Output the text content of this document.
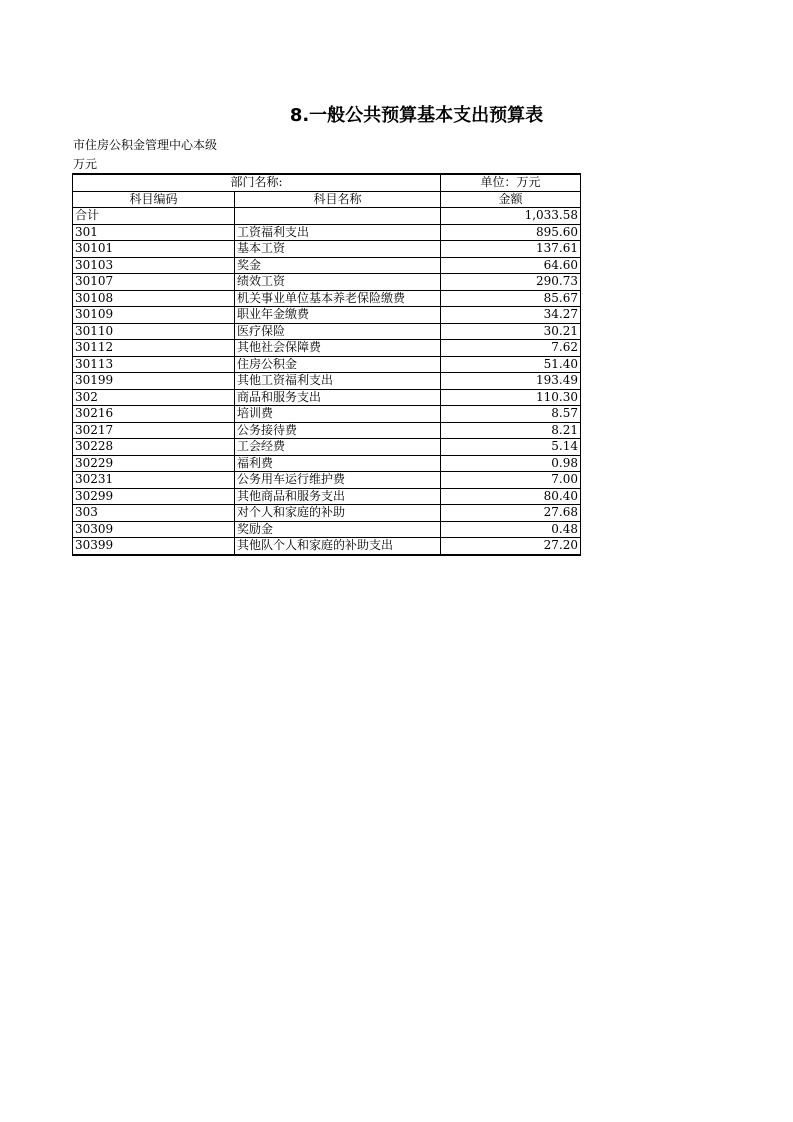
8.一般公共预算基本支出预算表
市住房公积金管理中心本级
万元
部门名称:		单位：万元
科目编码	科目名称	金额
合计		1,033.58
301	工资福利支出	895.60
30101	基本工资	137.61
30103	奖金	64.60
30107	绩效工资	290.73
30108	机关事业单位基本养老保险缴费	85.67
30109	职业年金缴费	34.27
30110	医疗保险	30.21
30112	其他社会保障费	7.62
30113	住房公积金	51.40
30199	其他工资福利支出	193.49
302	商品和服务支出	110.30
30216	培训费	8.57
30217	公务接待费	8.21
30228	工会经费	5.14
30229	福利费	0.98
30231	公务用车运行维护费	7.00
30299	其他商品和服务支出	80.40
303	对个人和家庭的补助	27.68
30309	奖励金	0.48
30399	其他队个人和家庭的补助支出	27.20
